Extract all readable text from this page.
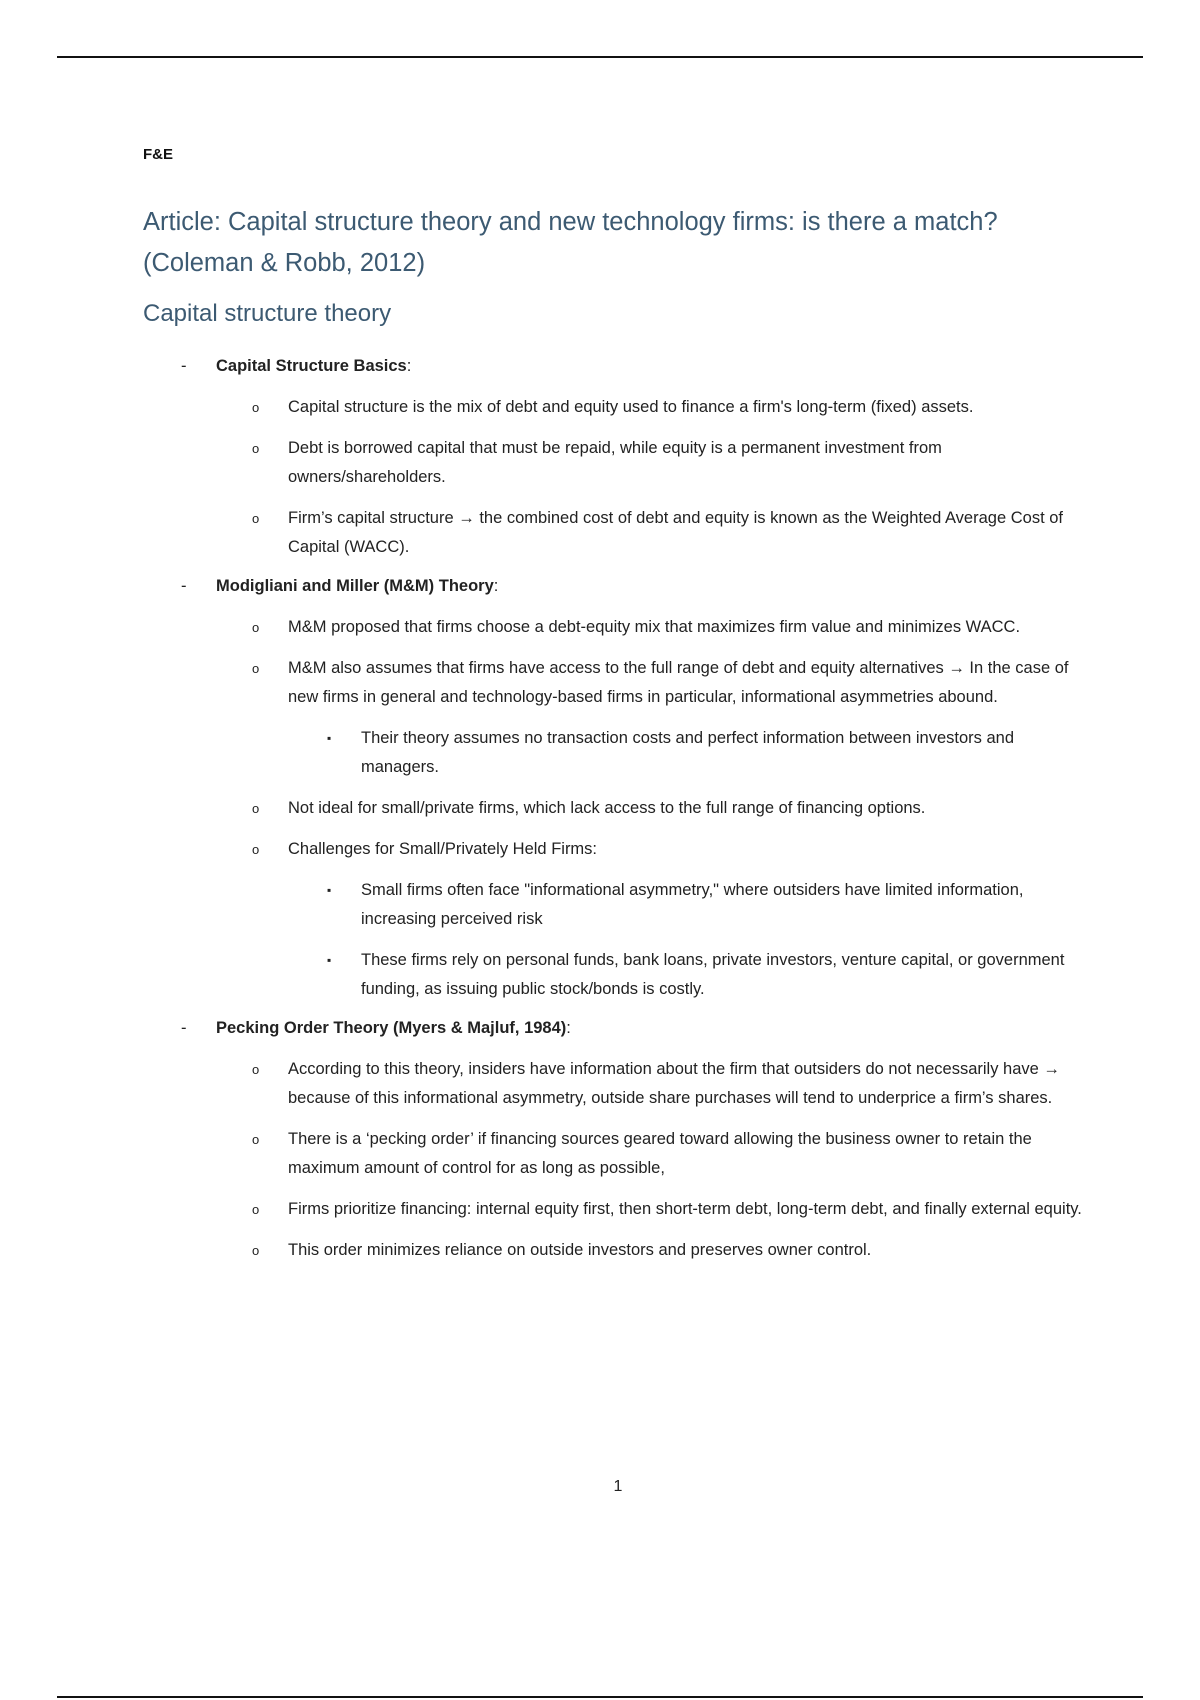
F&E
Article: Capital structure theory and new technology firms: is there a match? (Coleman & Robb, 2012)
Capital structure theory
- Capital Structure Basics:
o Capital structure is the mix of debt and equity used to finance a firm's long-term (fixed) assets.
o Debt is borrowed capital that must be repaid, while equity is a permanent investment from owners/shareholders.
o Firm’s capital structure → the combined cost of debt and equity is known as the Weighted Average Cost of Capital (WACC).
- Modigliani and Miller (M&M) Theory:
o M&M proposed that firms choose a debt-equity mix that maximizes firm value and minimizes WACC.
o M&M also assumes that firms have access to the full range of debt and equity alternatives → In the case of new firms in general and technology-based firms in particular, informational asymmetries abound.
▪ Their theory assumes no transaction costs and perfect information between investors and managers.
o Not ideal for small/private firms, which lack access to the full range of financing options.
o Challenges for Small/Privately Held Firms:
▪ Small firms often face "informational asymmetry," where outsiders have limited information, increasing perceived risk
▪ These firms rely on personal funds, bank loans, private investors, venture capital, or government funding, as issuing public stock/bonds is costly.
- Pecking Order Theory (Myers & Majluf, 1984):
o According to this theory, insiders have information about the firm that outsiders do not necessarily have → because of this informational asymmetry, outside share purchases will tend to underprice a firm’s shares.
o There is a ‘pecking order’ if financing sources geared toward allowing the business owner to retain the maximum amount of control for as long as possible,
o Firms prioritize financing: internal equity first, then short-term debt, long-term debt, and finally external equity.
o This order minimizes reliance on outside investors and preserves owner control.
1
